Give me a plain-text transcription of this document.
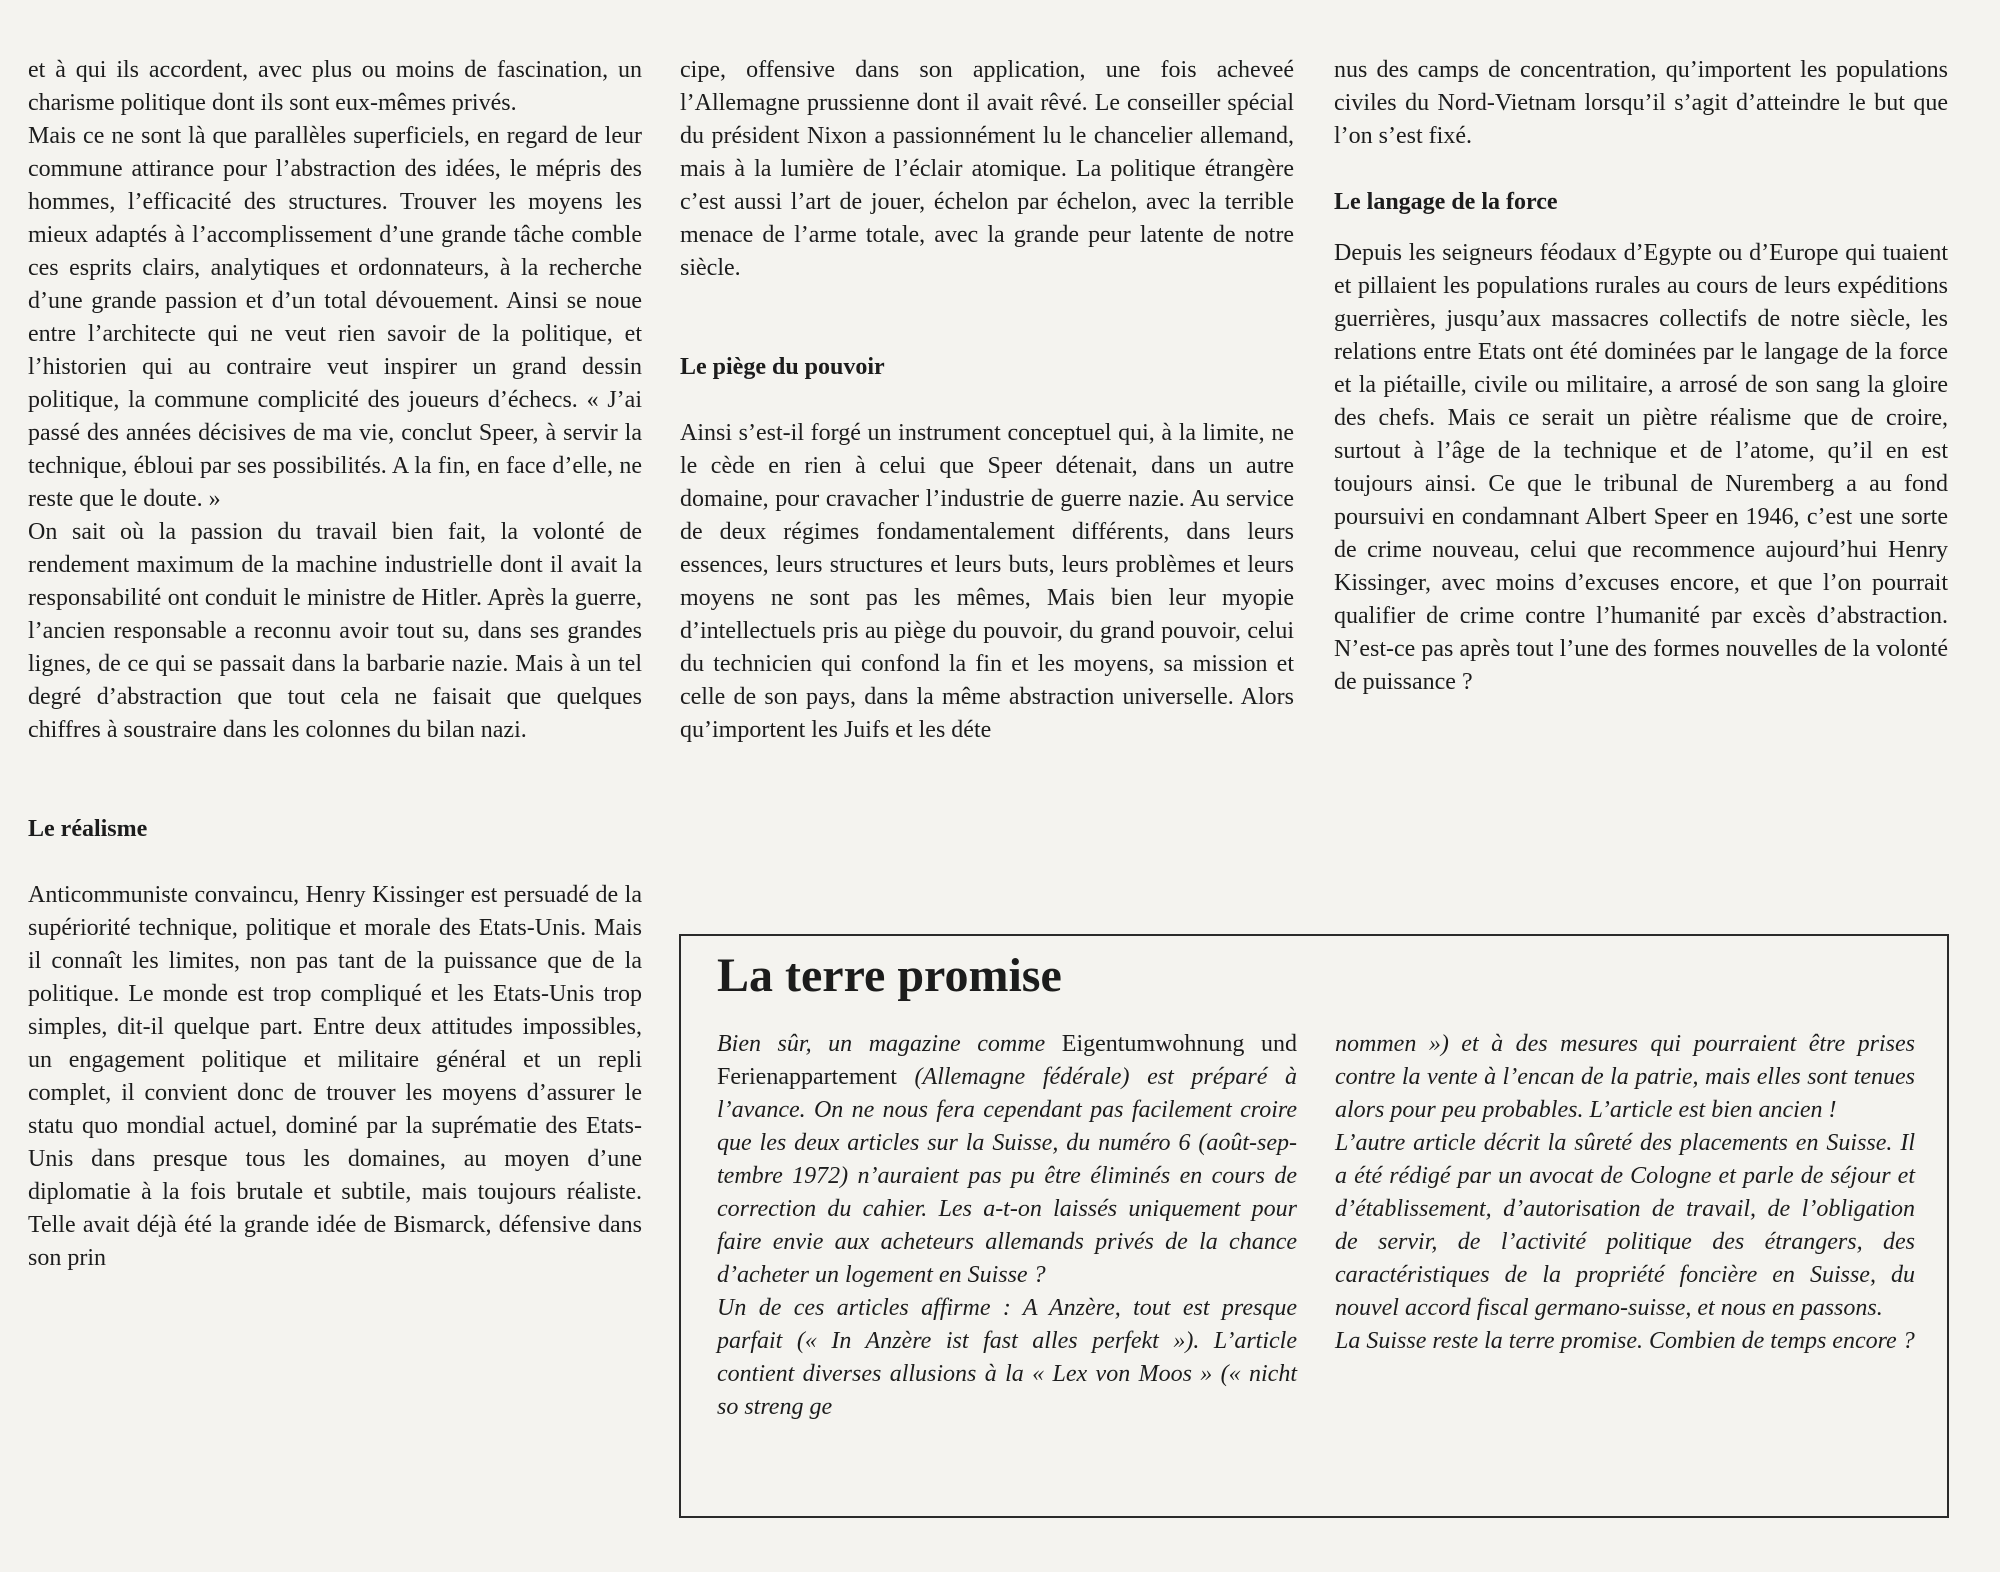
et à qui ils accordent, avec plus ou moins de fascination, un charisme politique dont ils sont eux-mêmes privés.

Mais ce ne sont là que parallèles superficiels, en regard de leur commune attirance pour l’abstraction des idées, le mépris des hommes, l’efficacité des structures. Trouver les moyens les mieux adaptés à l’accomplissement d’une grande tâche comble ces esprits clairs, analytiques et ordonnateurs, à la recherche d’une grande passion et d’un total dévouement. Ainsi se noue entre l’architecte qui ne veut rien savoir de la politique, et l’historien qui au contraire veut inspirer un grand dessin politique, la commune complicité des joueurs d’échecs. « J’ai passé des années décisives de ma vie, conclut Speer, à servir la technique, ébloui par ses possibilités. A la fin, en face d’elle, ne reste que le doute. »

On sait où la passion du travail bien fait, la volonté de rendement maximum de la machine industrielle dont il avait la responsabilité ont conduit le ministre de Hitler. Après la guerre, l’ancien responsable a reconnu avoir tout su, dans ses grandes lignes, de ce qui se passait dans la barbarie nazie. Mais à un tel degré d’abstraction que tout cela ne faisait que quelques chiffres à soustraire dans les colonnes du bilan nazi.

Le réalisme

Anticommuniste convaincu, Henry Kissinger est persuadé de la supériorité technique, politique et morale des Etats-Unis. Mais il connaît les limites, non pas tant de la puissance que de la politique. Le monde est trop compliqué et les Etats-Unis trop simples, dit-il quelque part. Entre deux attitudes impossibles, un engagement politique et militaire général et un repli complet, il convient donc de trouver les moyens d’assurer le statu quo mondial actuel, dominé par la suprématie des Etats-Unis dans presque tous les domaines, au moyen d’une diplomatie à la fois brutale et subtile, mais toujours réaliste. Telle avait déjà été la grande idée de Bismarck, défensive dans son prin

cipe, offensive dans son application, une fois acheveé l’Allemagne prussienne dont il avait rêvé. Le conseiller spécial du président Nixon a passionnément lu le chancelier allemand, mais à la lumière de l’éclair atomique. La politique étrangère c’est aussi l’art de jouer, échelon par échelon, avec la terrible menace de l’arme totale, avec la grande peur latente de notre siècle.

Le piège du pouvoir

Ainsi s’est-il forgé un instrument conceptuel qui, à la limite, ne le cède en rien à celui que Speer détenait, dans un autre domaine, pour cravacher l’industrie de guerre nazie. Au service de deux régimes fondamentalement différents, dans leurs essences, leurs structures et leurs buts, leurs problèmes et leurs moyens ne sont pas les mêmes, Mais bien leur myopie d’intellectuels pris au piège du pouvoir, du grand pouvoir, celui du technicien qui confond la fin et les moyens, sa mission et celle de son pays, dans la même abstraction universelle. Alors qu’importent les Juifs et les déte

nus des camps de concentration, qu’importent les populations civiles du Nord-Vietnam lorsqu’il s’agit d’atteindre le but que l’on s’est fixé.

Le langage de la force

Depuis les seigneurs féodaux d’Egypte ou d’Europe qui tuaient et pillaient les populations rurales au cours de leurs expéditions guerrières, jusqu’aux massacres collectifs de notre siècle, les relations entre Etats ont été dominées par le langage de la force et la piétaille, civile ou militaire, a arrosé de son sang la gloire des chefs. Mais ce serait un piètre réalisme que de croire, surtout à l’âge de la technique et de l’atome, qu’il en est toujours ainsi. Ce que le tribunal de Nuremberg a au fond poursuivi en condamnant Albert Speer en 1946, c’est une sorte de crime nouveau, celui que recommence aujourd’hui Henry Kissinger, avec moins d’excuses encore, et que l’on pourrait qualifier de crime contre l’humanité par excès d’abstraction. N’est-ce pas après tout l’une des formes nouvelles de la volonté de puissance ?

La terre promise

Bien sûr, un magazine comme Eigentumwohnung und Ferienappartement (Allemagne fédérale) est préparé à l’avance. On ne nous fera cependant pas facilement croire que les deux articles sur la Suisse, du numéro 6 (août-septembre 1972) n’auraient pas pu être éliminés en cours de correction du cahier. Les a-t-on laissés uniquement pour faire envie aux acheteurs allemands privés de la chance d’acheter un logement en Suisse ?

Un de ces articles affirme : A Anzère, tout est presque parfait (« In Anzère ist fast alles perfekt »). L’article contient diverses allusions à la « Lex von Moos » (« nicht so streng ge

nommen ») et à des mesures qui pourraient être prises contre la vente à l’encan de la patrie, mais elles sont tenues alors pour peu probables. L’article est bien ancien !

L’autre article décrit la sûreté des placements en Suisse. Il a été rédigé par un avocat de Cologne et parle de séjour et d’établissement, d’autorisation de travail, de l’obligation de servir, de l’activité politique des étrangers, des caractéristiques de la propriété foncière en Suisse, du nouvel accord fiscal germano-suisse, et nous en passons.

La Suisse reste la terre promise. Combien de temps encore ?
